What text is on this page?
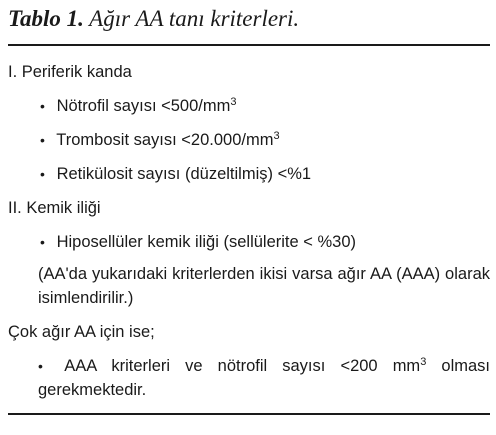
Tablo 1. Ağır AA tanı kriterleri.
I. Periferik kanda
• Nötrofil sayısı $<500/mm^3$
• Trombosit sayısı $<20.000/mm^3$
• Retikülosit sayısı (düzeltilmiş) <%1
II. Kemik iliği
• Hiposellüler kemik iliği (sellülerite < %30)
(AA'da yukarıdaki kriterlerden ikisi varsa ağır AA (AAA) olarak isimlendirilir.)
Çok ağır AA için ise;
• AAA kriterleri ve nötrofil sayısı <200 $mm^3$ olması gerekmektedir.
